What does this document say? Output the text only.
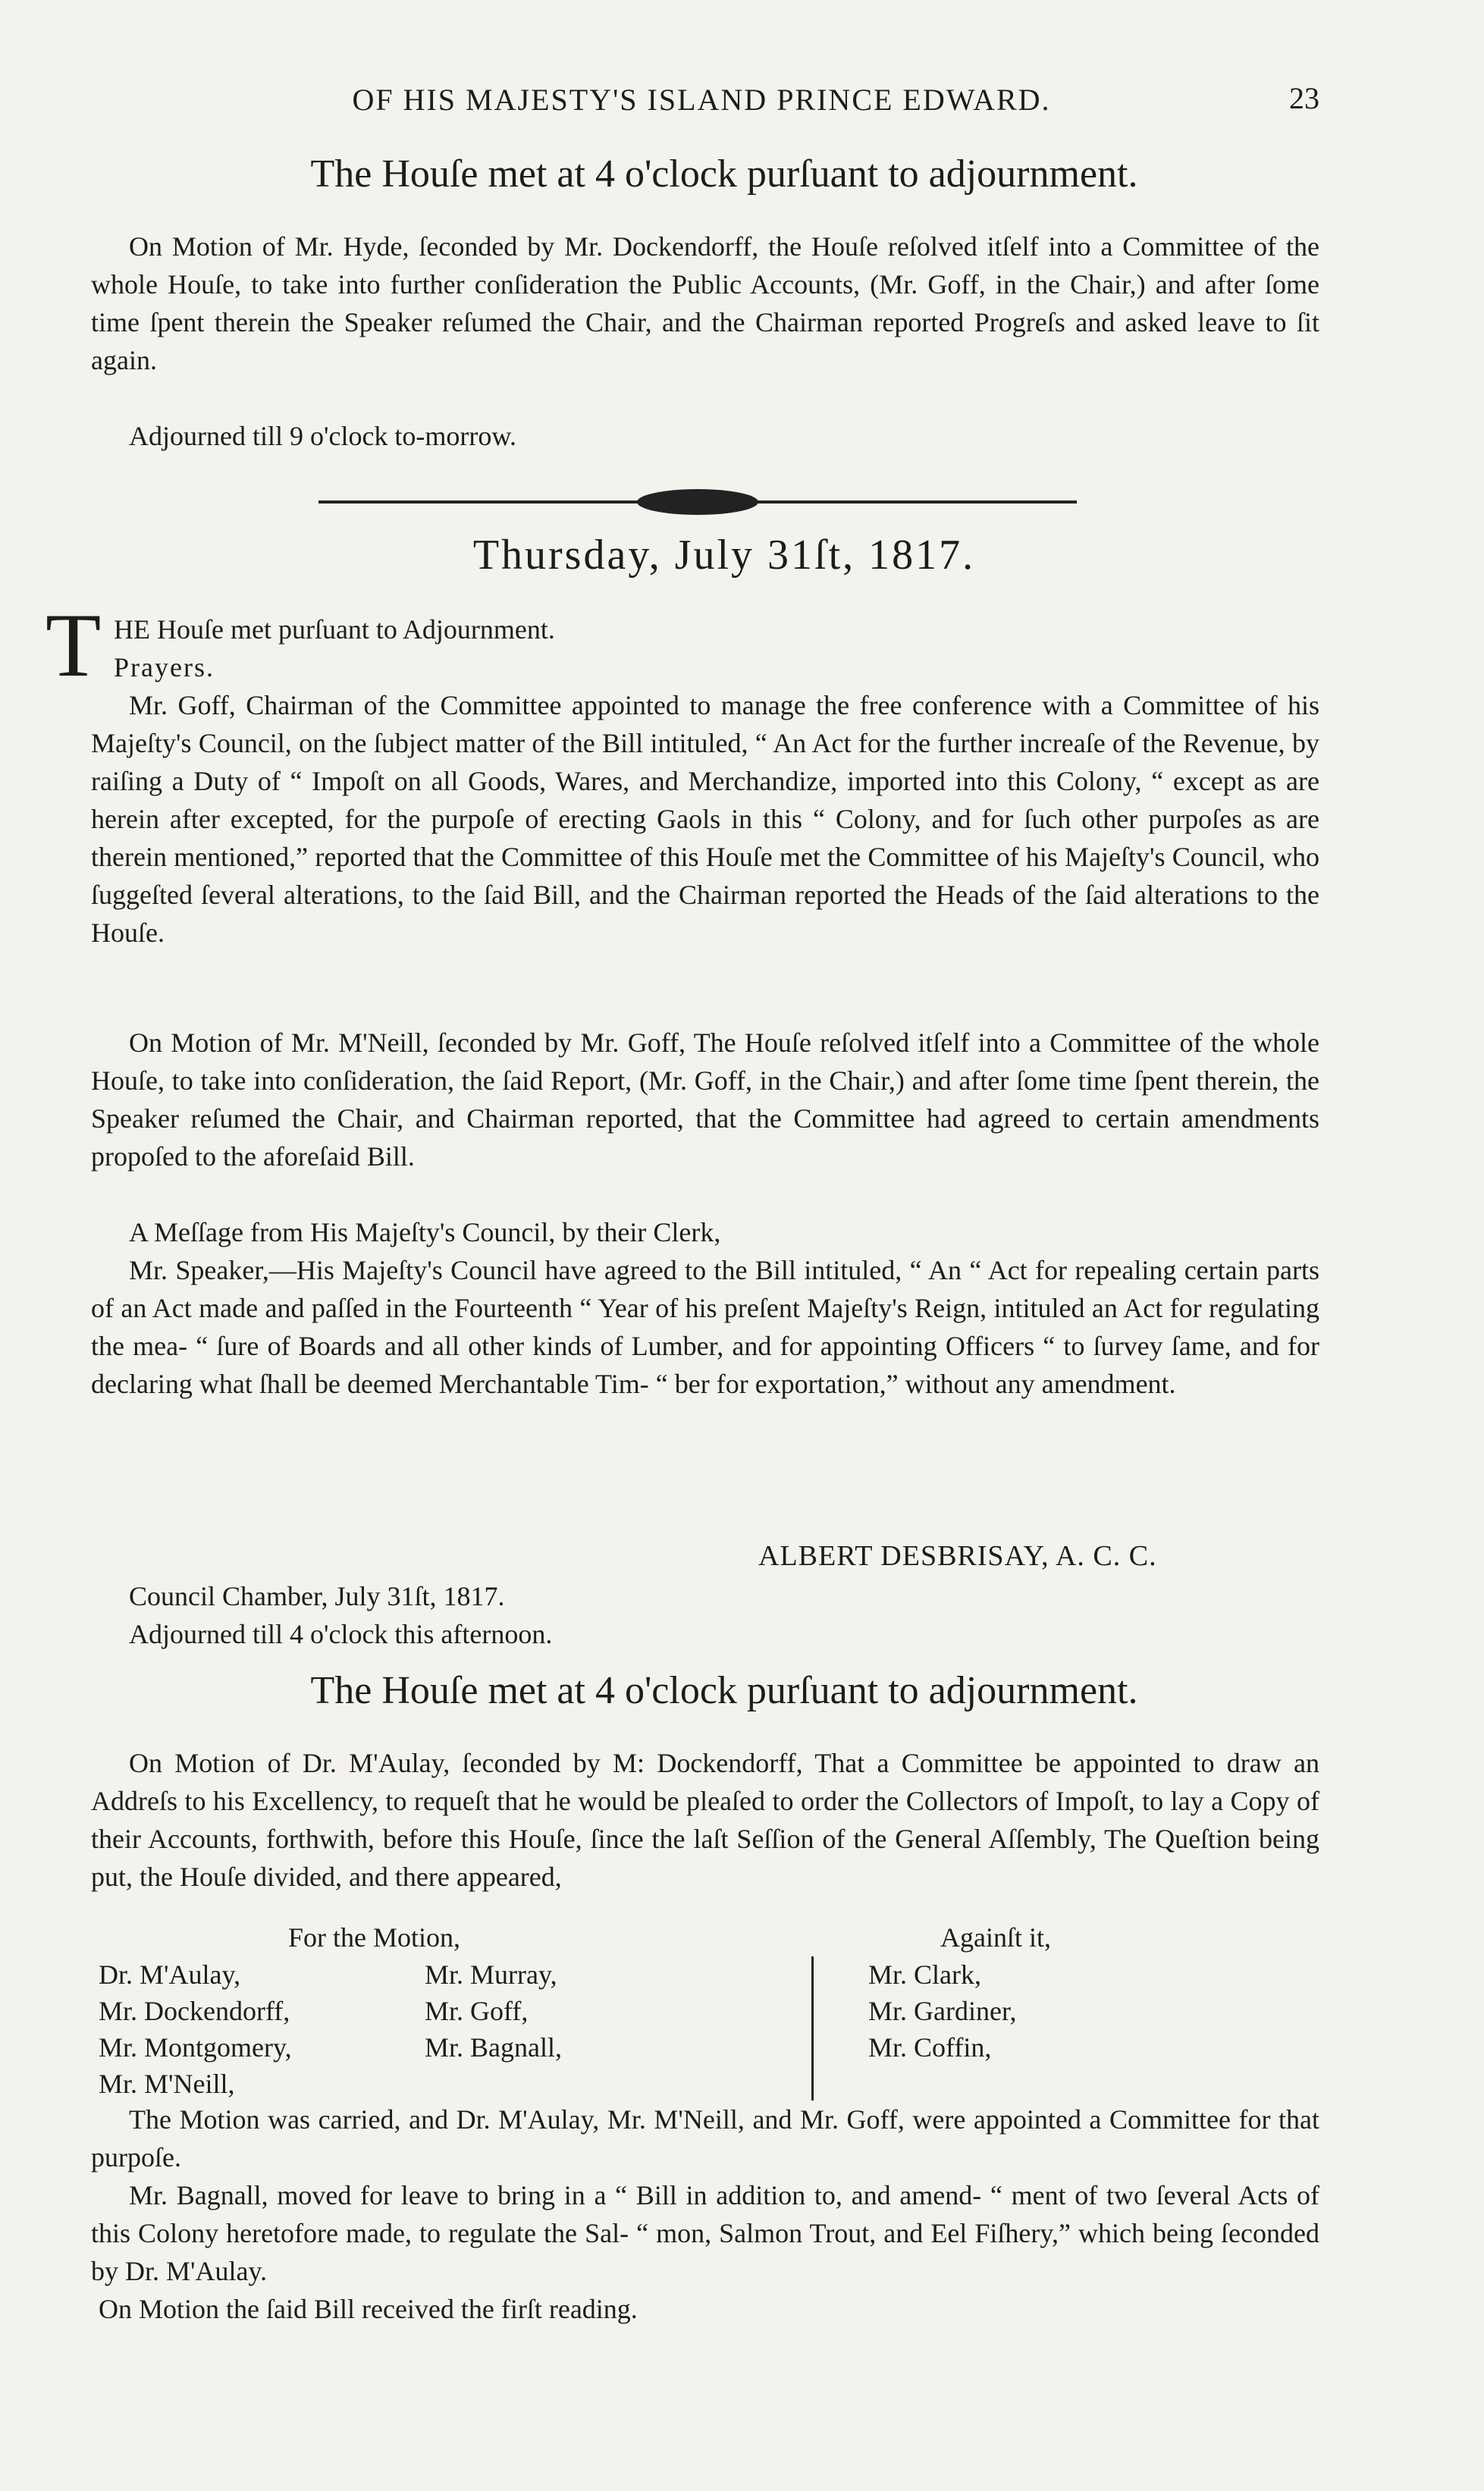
OF HIS MAJESTY'S ISLAND PRINCE EDWARD.	23
The Houſe met at 4 o'clock purſuant to adjournment.
On Motion of Mr. Hyde, ſeconded by Mr. Dockendorff, the Houſe reſolved itſelf into a Committee of the whole Houſe, to take into further conſideration the Public Accounts, (Mr. Goff, in the Chair,) and after ſome time ſpent therein the Speaker reſumed the Chair, and the Chairman reported Progreſs and asked leave to ſit again.
Adjourned till 9 o'clock to-morrow.
Thursday, July 31ſt, 1817.
T HE Houſe met purſuant to Adjournment.
Prayers.
Mr. Goff, Chairman of the Committee appointed to manage the free conference with a Committee of his Majeſty's Council, on the ſubject matter of the Bill intituled, “ An Act for the further increaſe of the Revenue, by raiſing a Duty of “ Impoſt on all Goods, Wares, and Merchandize, imported into this Colony, “ except as are herein after excepted, for the purpoſe of erecting Gaols in this “ Colony, and for ſuch other purpoſes as are therein mentioned,” reported that the Committee of this Houſe met the Committee of his Majeſty's Council, who ſuggeſted ſeveral alterations, to the ſaid Bill, and the Chairman reported the Heads of the ſaid alterations to the Houſe.
On Motion of Mr. M'Neill, ſeconded by Mr. Goff, The Houſe reſolved itſelf into a Committee of the whole Houſe, to take into conſideration, the ſaid Report, (Mr. Goff, in the Chair,) and after ſome time ſpent therein, the Speaker reſumed the Chair, and Chairman reported, that the Committee had agreed to certain amendments propoſed to the aforeſaid Bill.
A Meſſage from His Majeſty's Council, by their Clerk,
Mr. Speaker,—His Majeſty's Council have agreed to the Bill intituled, “ An “ Act for repealing certain parts of an Act made and paſſed in the Fourteenth “ Year of his preſent Majeſty's Reign, intituled an Act for regulating the mea- “ ſure of Boards and all other kinds of Lumber, and for appointing Officers “ to ſurvey ſame, and for declaring what ſhall be deemed Merchantable Tim- “ ber for exportation,” without any amendment.
ALBERT DESBRISAY, A. C. C.
Council Chamber, July 31ſt, 1817.
Adjourned till 4 o'clock this afternoon.
The Houſe met at 4 o'clock purſuant to adjournment.
On Motion of Dr. M'Aulay, ſeconded by M: Dockendorff, That a Committee be appointed to draw an Addreſs to his Excellency, to requeſt that he would be pleaſed to order the Collectors of Impoſt, to lay a Copy of their Accounts, forthwith, before this Houſe, ſince the laſt Seſſion of the General Aſſembly, The Queſtion being put, the Houſe divided, and there appeared,
For the Motion,	Againſt it,
Dr. M'Aulay,
Mr. Dockendorff,
Mr. Montgomery,
Mr. M'Neill,
Mr. Murray,
Mr. Goff,
Mr. Bagnall,
Mr. Clark,
Mr. Gardiner,
Mr. Coffin,
The Motion was carried, and Dr. M'Aulay, Mr. M'Neill, and Mr. Goff, were appointed a Committee for that purpoſe.
Mr. Bagnall, moved for leave to bring in a “ Bill in addition to, and amend- “ ment of two ſeveral Acts of this Colony heretofore made, to regulate the Sal- “ mon, Salmon Trout, and Eel Fiſhery,” which being ſeconded by Dr. M'Aulay.
On Motion the ſaid Bill received the firſt reading.
